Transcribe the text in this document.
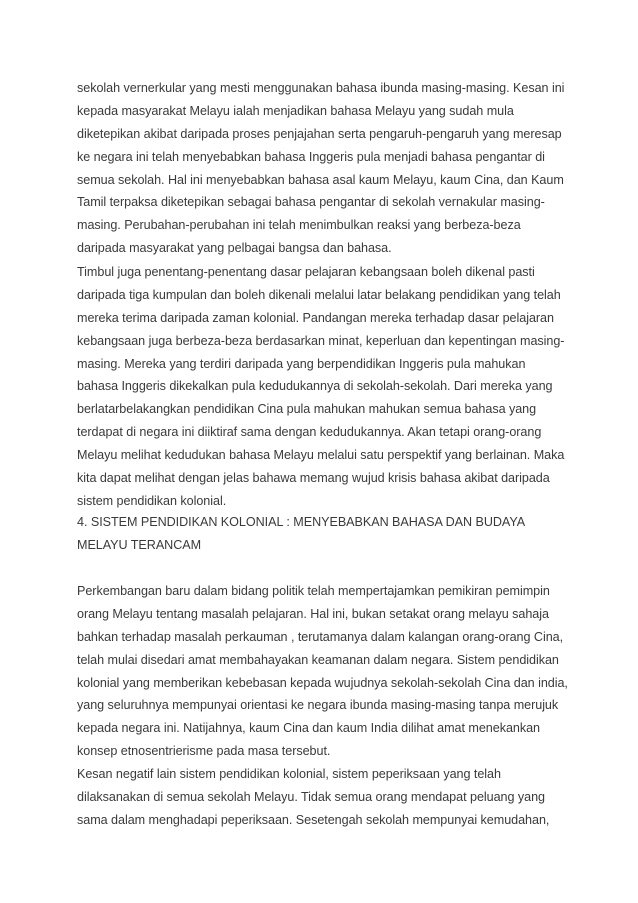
sekolah vernerkular yang mesti menggunakan bahasa ibunda masing-masing. Kesan ini
kepada masyarakat Melayu ialah menjadikan bahasa Melayu yang sudah mula
diketepikan akibat daripada proses penjajahan serta pengaruh-pengaruh yang meresap
ke negara ini telah menyebabkan bahasa Inggeris pula menjadi bahasa pengantar di
semua sekolah. Hal ini menyebabkan bahasa asal kaum Melayu, kaum Cina, dan Kaum
Tamil terpaksa diketepikan sebagai bahasa pengantar di sekolah vernakular masing-
masing. Perubahan-perubahan ini telah menimbulkan reaksi yang berbeza-beza
daripada masyarakat yang pelbagai bangsa dan bahasa.
Timbul juga penentang-penentang dasar pelajaran kebangsaan boleh dikenal pasti
daripada tiga kumpulan dan boleh dikenali melalui latar belakang pendidikan yang telah
mereka terima daripada zaman kolonial. Pandangan mereka terhadap dasar pelajaran
kebangsaan juga berbeza-beza berdasarkan minat, keperluan dan kepentingan masing-
masing. Mereka yang terdiri daripada yang berpendidikan Inggeris pula mahukan
bahasa Inggeris dikekalkan pula kedudukannya di sekolah-sekolah. Dari mereka yang
berlatarbelakangkan pendidikan Cina pula mahukan mahukan semua bahasa yang
terdapat di negara ini diiktiraf sama dengan kedudukannya. Akan tetapi orang-orang
Melayu melihat kedudukan bahasa Melayu melalui satu perspektif yang berlainan. Maka
kita dapat melihat dengan jelas bahawa memang wujud krisis bahasa akibat daripada
sistem pendidikan kolonial.
4. SISTEM PENDIDIKAN KOLONIAL : MENYEBABKAN BAHASA DAN BUDAYA
MELAYU TERANCAM
Perkembangan baru dalam bidang politik telah mempertajamkan pemikiran pemimpin
orang Melayu tentang masalah pelajaran. Hal ini, bukan setakat orang melayu sahaja
bahkan terhadap masalah perkauman , terutamanya dalam kalangan orang-orang Cina,
telah mulai disedari amat membahayakan keamanan dalam negara. Sistem pendidikan
kolonial yang memberikan kebebasan kepada wujudnya sekolah-sekolah Cina dan india,
yang seluruhnya mempunyai orientasi ke negara ibunda masing-masing tanpa merujuk
kepada negara ini. Natijahnya, kaum Cina dan kaum India dilihat amat menekankan
konsep etnosentrierisme pada masa tersebut.
Kesan negatif lain sistem pendidikan kolonial, sistem peperiksaan yang telah
dilaksanakan di semua sekolah Melayu. Tidak semua orang mendapat peluang yang
sama dalam menghadapi peperiksaan. Sesetengah sekolah mempunyai kemudahan,
